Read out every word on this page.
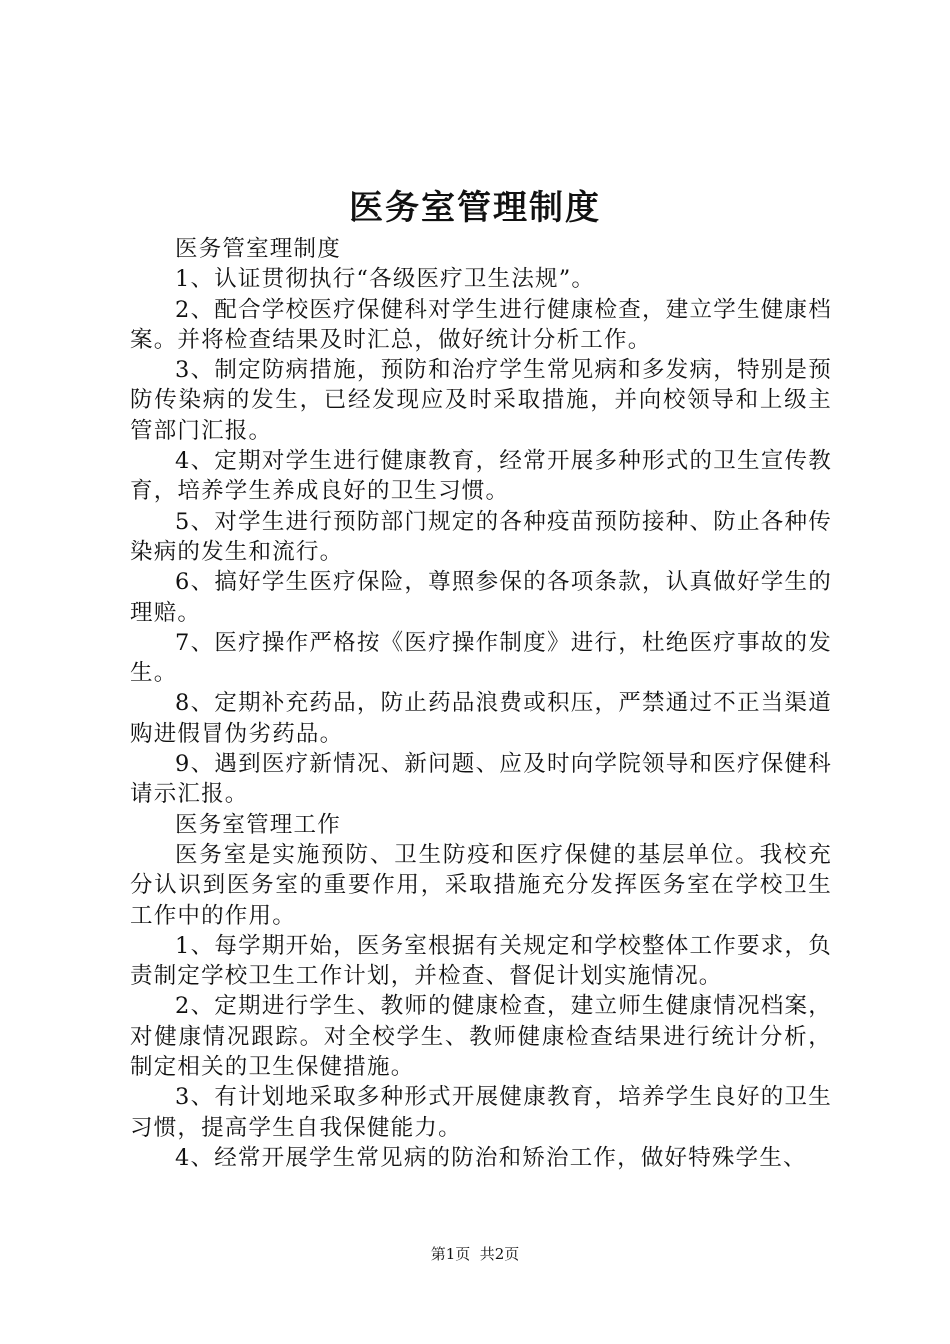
医务室管理制度

医务管室理制度

1、认证贯彻执行“各级医疗卫生法规”。

2、配合学校医疗保健科对学生进行健康检查，建立学生健康档案。并将检查结果及时汇总，做好统计分析工作。

3、制定防病措施，预防和治疗学生常见病和多发病，特别是预防传染病的发生，已经发现应及时采取措施，并向校领导和上级主管部门汇报。

4、定期对学生进行健康教育，经常开展多种形式的卫生宣传教育，培养学生养成良好的卫生习惯。

5、对学生进行预防部门规定的各种疫苗预防接种、防止各种传染病的发生和流行。

6、搞好学生医疗保险，尊照参保的各项条款，认真做好学生的理赔。

7、医疗操作严格按《医疗操作制度》进行，杜绝医疗事故的发生。

8、定期补充药品，防止药品浪费或积压，严禁通过不正当渠道购进假冒伪劣药品。

9、遇到医疗新情况、新问题、应及时向学院领导和医疗保健科请示汇报。

医务室管理工作

医务室是实施预防、卫生防疫和医疗保健的基层单位。我校充分认识到医务室的重要作用，采取措施充分发挥医务室在学校卫生工作中的作用。

1、每学期开始，医务室根据有关规定和学校整体工作要求，负责制定学校卫生工作计划，并检查、督促计划实施情况。

2、定期进行学生、教师的健康检查，建立师生健康情况档案，对健康情况跟踪。对全校学生、教师健康检查结果进行统计分析，制定相关的卫生保健措施。

3、有计划地采取多种形式开展健康教育，培养学生良好的卫生习惯，提高学生自我保健能力。

4、经常开展学生常见病的防治和矫治工作，做好特殊学生、

第1页  共2页
